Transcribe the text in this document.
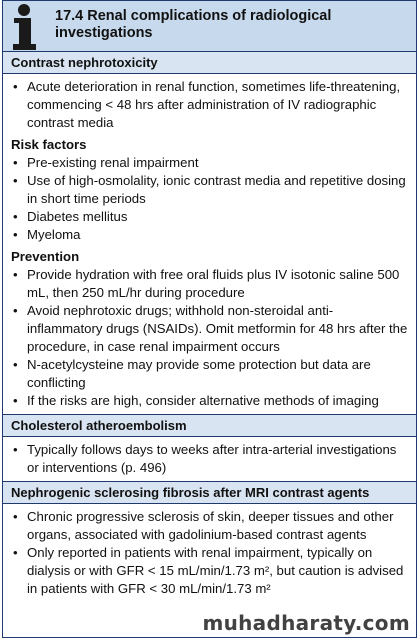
17.4 Renal complications of radiological investigations
Contrast nephrotoxicity
• Acute deterioration in renal function, sometimes life-threatening, commencing < 48 hrs after administration of IV radiographic contrast media
Risk factors
• Pre-existing renal impairment
• Use of high-osmolality, ionic contrast media and repetitive dosing in short time periods
• Diabetes mellitus
• Myeloma
Prevention
• Provide hydration with free oral fluids plus IV isotonic saline 500 mL, then 250 mL/hr during procedure
• Avoid nephrotoxic drugs; withhold non-steroidal anti-inflammatory drugs (NSAIDs). Omit metformin for 48 hrs after the procedure, in case renal impairment occurs
• N-acetylcysteine may provide some protection but data are conflicting
• If the risks are high, consider alternative methods of imaging
Cholesterol atheroembolism
• Typically follows days to weeks after intra-arterial investigations or interventions (p. 496)
Nephrogenic sclerosing fibrosis after MRI contrast agents
• Chronic progressive sclerosis of skin, deeper tissues and other organs, associated with gadolinium-based contrast agents
• Only reported in patients with renal impairment, typically on dialysis or with GFR < 15 mL/min/1.73 m², but caution is advised in patients with GFR < 30 mL/min/1.73 m²
muhadharaty.com
